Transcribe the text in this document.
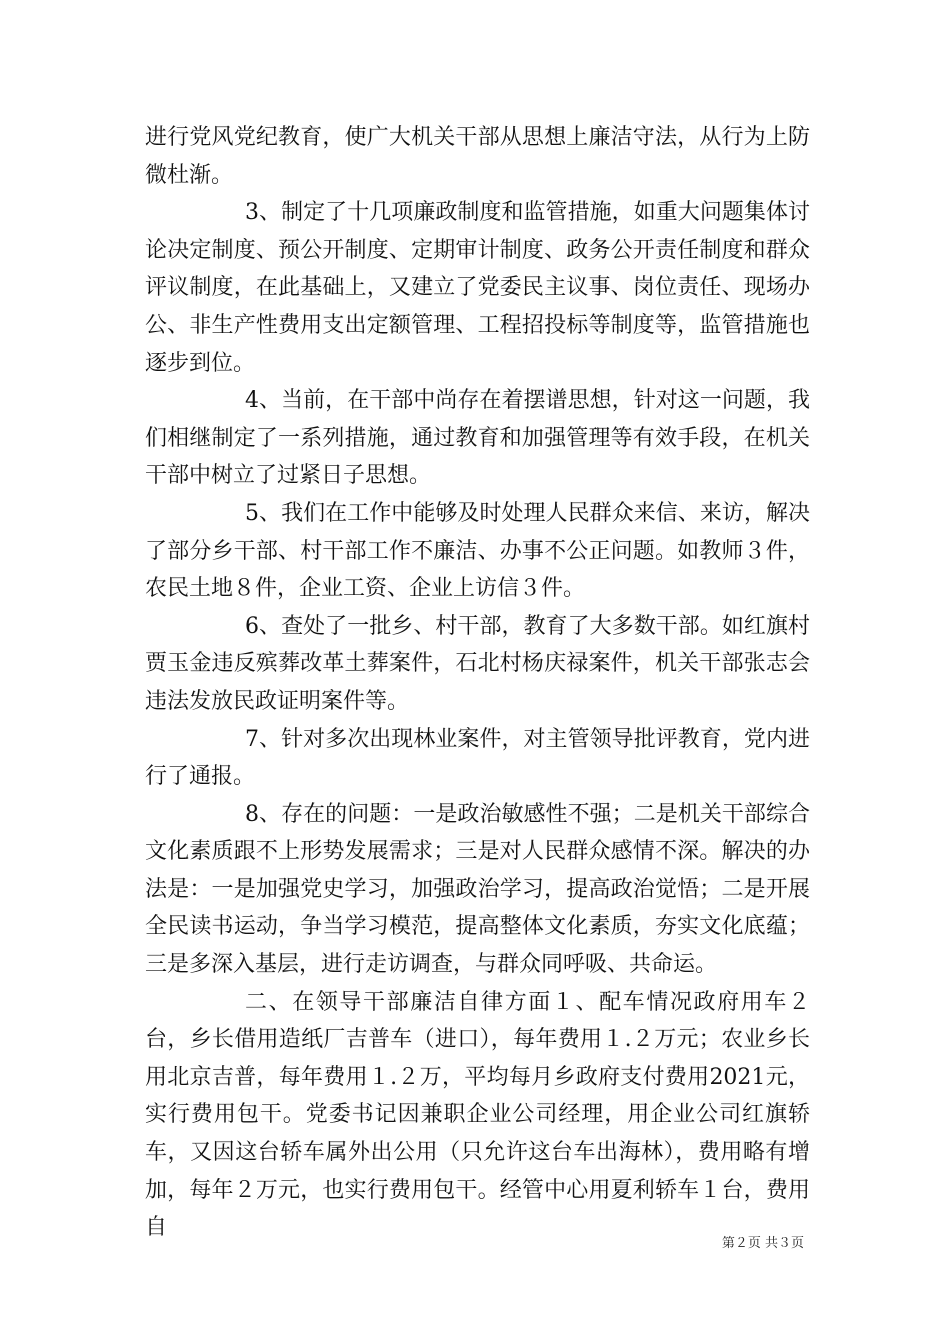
进行党风党纪教育，使广大机关干部从思想上廉洁守法，从行为上防微杜渐。

3、制定了十几项廉政制度和监管措施，如重大问题集体讨论决定制度、预公开制度、定期审计制度、政务公开责任制度和群众评议制度，在此基础上，又建立了党委民主议事、岗位责任、现场办公、非生产性费用支出定额管理、工程招投标等制度等，监管措施也逐步到位。

4、当前，在干部中尚存在着摆谱思想，针对这一问题，我们相继制定了一系列措施，通过教育和加强管理等有效手段，在机关干部中树立了过紧日子思想。

5、我们在工作中能够及时处理人民群众来信、来访，解决了部分乡干部、村干部工作不廉洁、办事不公正问题。如教师３件，农民土地８件，企业工资、企业上访信３件。

6、查处了一批乡、村干部，教育了大多数干部。如红旗村贾玉金违反殡葬改革土葬案件，石北村杨庆禄案件，机关干部张志会违法发放民政证明案件等。

7、针对多次出现林业案件，对主管领导批评教育，党内进行了通报。

8、存在的问题：一是政治敏感性不强；二是机关干部综合文化素质跟不上形势发展需求；三是对人民群众感情不深。解决的办法是：一是加强党史学习，加强政治学习，提高政治觉悟；二是开展全民读书运动，争当学习模范，提高整体文化素质，夯实文化底蕴；三是多深入基层，进行走访调查，与群众同呼吸、共命运。

二、在领导干部廉洁自律方面１、配车情况政府用车２台，乡长借用造纸厂吉普车（进口），每年费用１.２万元；农业乡长用北京吉普，每年费用１.２万，平均每月乡政府支付费用2021元，实行费用包干。党委书记因兼职企业公司经理，用企业公司红旗轿车，又因这台轿车属外出公用（只允许这台车出海林），费用略有增加，每年２万元，也实行费用包干。经管中心用夏利轿车１台，费用自

第２页 共３页
